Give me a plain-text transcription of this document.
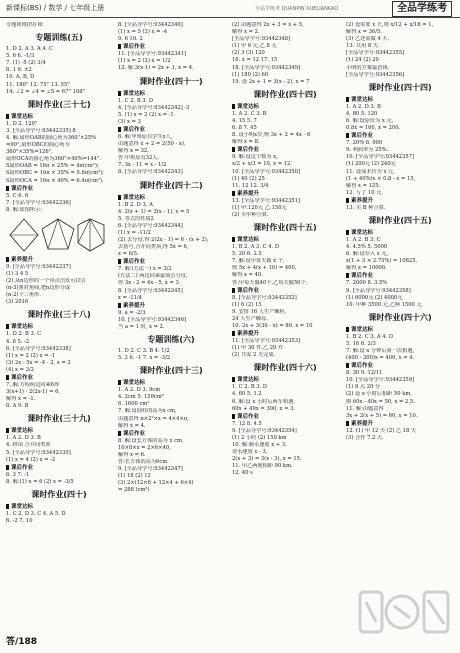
新课标(BS) / 数学 / 七年级上册	全品学练考 QUANPIN XUELIANKAO	全品学练考
专题训练(四) 续
专题训练(五)
1. D 2. A 3. A 4. C
5. 6 6. -1/3
7. (1) -5 (2) 3/4
8. 1 9. ±2
10. A, B, D
11. 180° 12. 75° 13. 55°
14. ∠2 = ∠4 = ∠5 = 67° 108°
课时作业(三十七)
课堂达标
1. D 2. 120°
3. [全品导学号:93442335] 8
4. 解:扇形OAB的圆心角为360°×25%
=90°,扇形OBC的圆心角为
360°×35%=126°,
扇形OCA的圆心角为360°×40%=144°.
S扇形OAB = 16π × 25% = 4π(cm²);
S扇形OBC = 16π × 35% = 5.6π(cm²);
S扇形OCA = 16π × 40% = 6.4π(cm²).
课后作业
5. C 6. 6
7. [全品导学号:93442336]
8. 解:如图所示:
素养提升
9. [全品导学号:93442337]
(1) 3 4 5
(2) 从n边形的一个顶点出发可以引
(n-3)条对角线,把n边形分成
(n-2)个三角形.
(3) 2016
课时作业(三十八)
课堂达标
1. D 2. B 3. C
4. 8 5. -2
6. [全品导学号:93442338]
(1) x = 2 (2) x = -1
(3) 2x - 5x = -4 - 2, x = 2
(4) x = 3/2
课后作业
7. 解:方程两边同乘6得
3(x+1) - 2(2x-1) = 6,
解得 x = -1.
8. A 9. B
课时作业(三十九)
课堂达标
1. A 2. D 3. B
4. 移项 合并同类项
5. [全品导学号:93442339]
(1) x = 4 (2) x = -2
课后作业
6. 3 7. -1
8. 解:(1) x = 6 (2) x = -3/5
课时作业(四十)
课堂达标
1. C 2. D 3. C 4. A 5. D
6. -2 7. 10
8. [全品导学号:93442340]
(1) x = 5 (2) x = -4
9. 6 10. 2
课后作业
11. [全品导学号:93442341]
(1) x = 2 (2) x = 1/2
12. 解:3(x-1) = 2x + 1, x = 4.
课时作业(四十一)
课堂达标
1. C 2. B 3. D
4. [全品导学号:93442342] -3
5. (1) x = 2 (2) x = -1
(3) x = 3
课后作业
6. 解:甲班原有学生x人,
由题意得 x + 2 = 2(50 - x),
解得 x = 32.
答:甲班原有32人.
7. 3x - 11 = x - 1/2
8. [全品导学号:93442343]
课时作业(四十二)
课堂达标
1. B 2. D 3. A
4. 2(x + 1) = 3(x - 1), x = 5
5. 等式的性质2
6. [全品导学号:93442344]
(1) x = -11/2
(2) 去分母,得 2(2x - 1) = 6 - (x + 2),
去括号,合并同类项,得 5x = 6,
x = 6/5.
课后作业
7. 解:(方法一) x = 3/2
(方法二) 两边同乘最简公分母,
得 3x - 2 = 4x - 5, x = 3.
8. [全品导学号:93442345]
x = -11/4
素养提升
9. a = -2/3
10. [全品导学号:93442346]
当 a = 1 时, x = 2.
专题训练(六)
1. D 2. C 3. B 4. 1/2
5. 2 6. -1 7. x = -3/2
课时作业(四十三)
课堂达标
1. A 2. D 3. 9cm
4. 2cm 5. 150cm²
6. 1600 cm²
7. 解:设圆柱的高为x cm,
由题意得 π×2²×x = 4×4×π,
解得 x = 4.
课后作业
8. 解:设长方体的高为 x cm,
10×8×x = 2×6×40,
解得 x = 6.
答:长方体的高为6cm.
9. [全品导学号:93442347]
(1) 18 (2) 12
(3) 2×(12×6 + 12×4 + 6×4)
= 288 (cm²)
(2) 由题意得 2x + 3 = x + 5,
解得 x = 2.
[全品导学号:93442348]
(1) 甲 6 元,乙 8 元
(2) 3 (3) 120
16. x = 12 17. 15
18. [全品导学号:93442349]
(1) 180 (2) 60
19. 设 2x + 1 = 3(x - 2), x = 7
课时作业(四十四)
课堂达标
1. A 2. C 3. B
4. 15 5. 7
6. 8 7. 45
8. 设小明x岁,则 3x + 2 = 4x - 6
解得 x = 8.
课后作业
9. 解:设这个数为 x,
x/2 + x/3 = 10, x = 12.
10. [全品导学号:93442350]
(1) 40 (2) 25
11. 12 12. 3/4
素养提升
13. [全品导学号:93442351]
(1) 甲:120元 乙:150元
(2) 买甲种合算.
课时作业(四十五)
课堂达标
1. B 2. A 3. C 4. D
5. 20 6. 2.5
7. 解:设甲每天做 x 个,
则 5x + 4(x + 10) = 400,
解得 x = 40.
答:甲每天做40个,乙每天做50个.
课后作业
8. [全品导学号:93442352]
(1) 6 (2) 15
9. 安排 16 人生产螺栓,
24 人生产螺母.
10. 2x + 3(30 - x) = 80, x = 10
素养提升
11. [全品导学号:93442353]
(1) 甲 30 件,乙 20 件
(2) 共需 2 天完成.
课时作业(四十六)
课堂达标
1. C 2. B 3. D
4. 60 5. 1.2
6. 解:设 x 小时后两车相遇,
60x + 40x = 300, x = 3.
课后作业
7. 12 8. 4.5
9. [全品导学号:93442354]
(1) 2 小时 (2) 150 km
10. 解:顺水速度 x + 3,
逆水速度 x - 3,
2(x + 3) = 3(x - 3), x = 15.
11. 甲乙两地相距 90 km.
12. 40 s
(2) 设需要 x 天,则 x/12 + x/18 = 1,
解得 x = 36/5.
(3) 乙还需做 4 天.
13. 共用 8 天.
[全品导学号:93442355]
(1) 24 (2) 20
小明的方案最省钱.
[全品导学号:93442356]
课时作业(四十四)
课堂达标
1. A 2. D 3. B
4. 80 5. 120
6. 解:设原价为 x 元,
0.8x = 160, x = 200.
课后作业
7. 20% 8. 900
9. 利润率为 25%.
10. [全品导学号:93442357]
(1) 200元 (2) 240元
11. 设成本价为 x 元,
(1 + 40%)x × 0.8 - x = 15,
解得 x = 125.
12. 亏了 10 元.
素养提升
13. 买 B 种合算.
课时作业(四十五)
课堂达标
1. A 2. B 3. C
4. 4.5% 5. 5000
6. 解:设存入 x 元,
x(1 + 3 × 2.75%) = 10825,
解得 x = 10000.
课后作业
7. 2000 8. 3.5%
9. [全品导学号:93442358]
(1) 6000元 (2) 4000元
10. 甲种 3500 元,乙种 1500 元.
课时作业(四十六)
课堂达标
1. B 2. C 3. A 4. D
5. 16 6. 2/3
7. 解:设 x 分钟后第一次相遇,
(400 - 300)x = 400, x = 4.
课后作业
8. 30 9. 12/11
10. [全品导学号:93442359]
(1) 8 点 20 分
(2) 设 x 小时后相距 50 km,
则 60x - 40x = 50, x = 2.5.
11. 解:由题意得
3x + 2(x + 5) = 60, x = 10.
素养提升
12. (1) 甲 12 天 (2) 乙 18 天
(3) 合作 7.2 天.
答/188
